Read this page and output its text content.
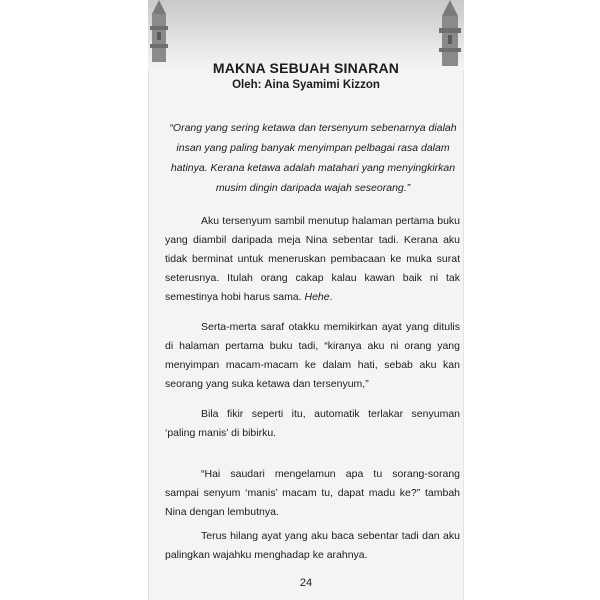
MAKNA SEBUAH SINARAN
Oleh: Aina Syamimi Kizzon
“Orang yang sering ketawa dan tersenyum sebenarnya dialah insan yang paling banyak menyimpan pelbagai rasa dalam hatinya. Kerana ketawa adalah matahari yang menyingkirkan musim dingin daripada wajah seseorang.”

Aku tersenyum sambil menutup halaman pertama buku yang diambil daripada meja Nina sebentar tadi. Kerana aku tidak berminat untuk meneruskan pembacaan ke muka surat seterusnya. Itulah orang cakap kalau kawan baik ni tak semestinya hobi harus sama. Hehe.

Serta-merta saraf otakku memikirkan ayat yang ditulis di halaman pertama buku tadi, “kiranya aku ni orang yang menyimpan macam-macam ke dalam hati, sebab aku kan seorang yang suka ketawa dan tersenyum,”

Bila fikir seperti itu, automatik terlakar senyuman ‘paling manis’ di bibirku.

“Hai saudari mengelamun apa tu sorang-sorang sampai senyum ‘manis’ macam tu, dapat madu ke?” tambah Nina dengan lembutnya.

Terus hilang ayat yang aku baca sebentar tadi dan aku palingkan wajahku menghadap ke arahnya.

24
